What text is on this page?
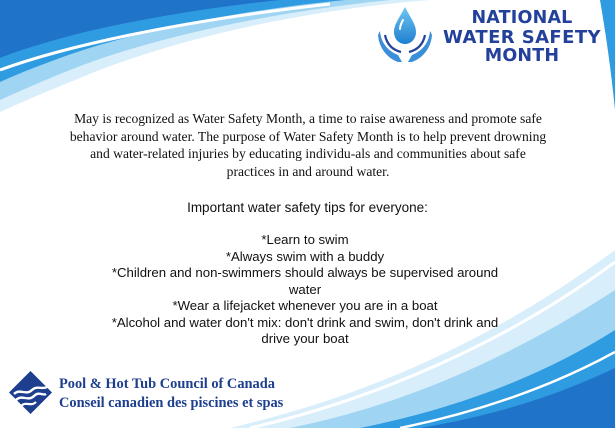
NATIONAL
WATER SAFETY
MONTH
May is recognized as Water Safety Month, a time to raise awareness and promote safe behavior around water. The purpose of Water Safety Month is to help prevent drowning and water-related injuries by educating individu-als and communities about safe practices in and around water.
Important water safety tips for everyone:
*Learn to swim
*Always swim with a buddy
*Children and non-swimmers should always be supervised around water
*Wear a lifejacket whenever you are in a boat
*Alcohol and water don't mix: don't drink and swim, don't drink and drive your boat
Pool & Hot Tub Council of Canada
Conseil canadien des piscines et spas
